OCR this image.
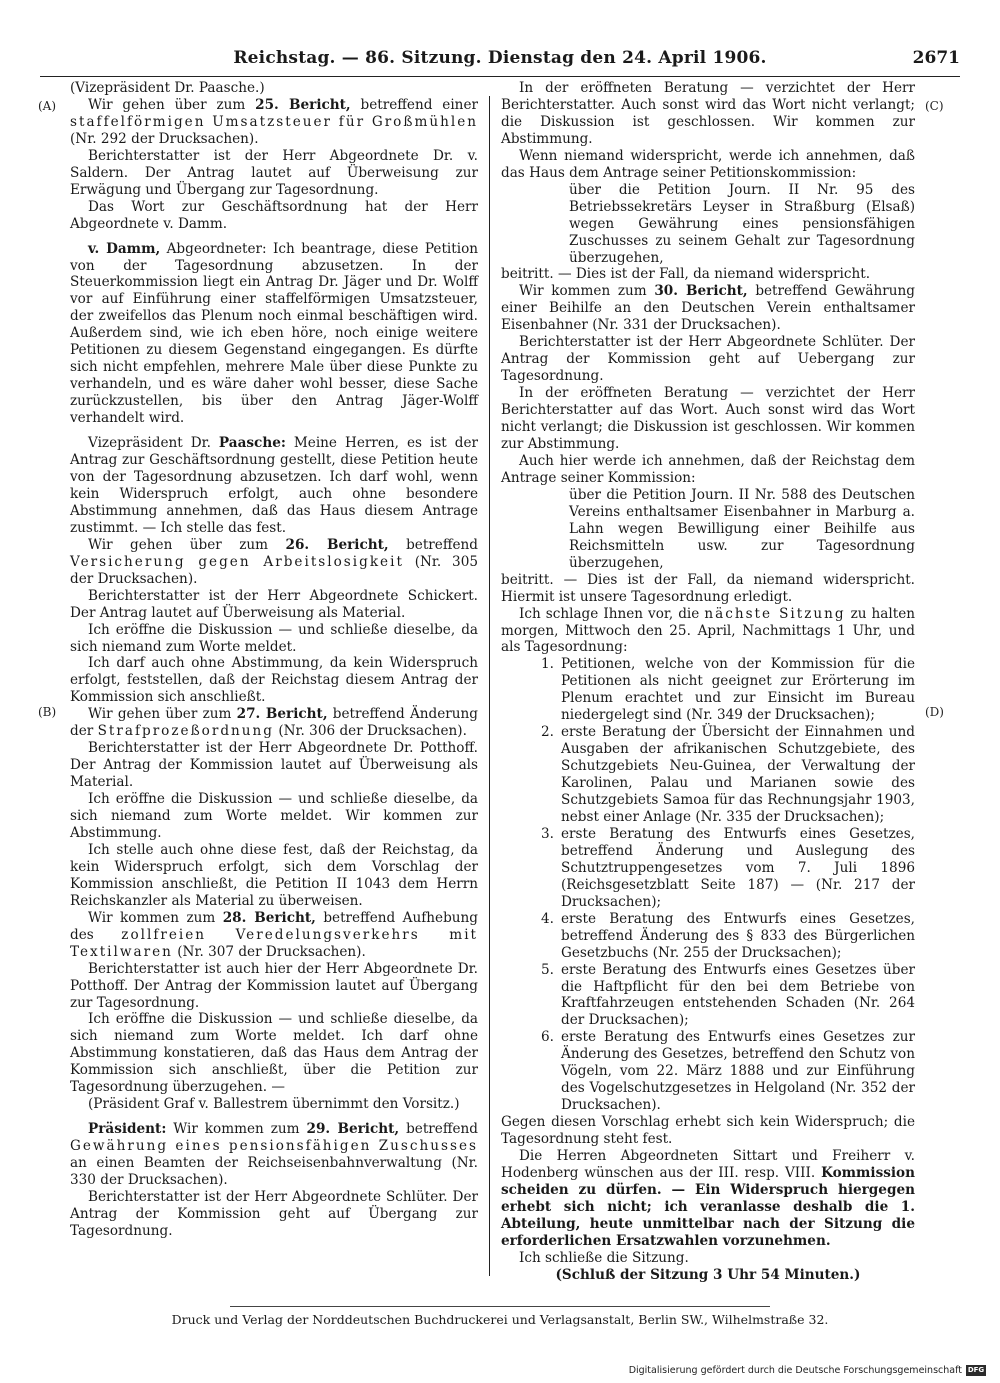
Reichstag. — 86. Sitzung. Dienstag den 24. April 1906.	2671
(A)
(B)
(C)
(D)

(Vizepräsident Dr. Paasche.)

Wir gehen über zum 25. Bericht, betreffend einer staffelförmigen Umsatzsteuer für Großmühlen (Nr. 292 der Drucksachen).

Berichterstatter ist der Herr Abgeordnete Dr. v. Saldern. Der Antrag lautet auf Überweisung zur Erwägung und Übergang zur Tagesordnung.

Das Wort zur Geschäftsordnung hat der Herr Abgeordnete v. Damm.

v. Damm, Abgeordneter: Ich beantrage, diese Petition von der Tagesordnung abzusetzen. In der Steuerkommission liegt ein Antrag Dr. Jäger und Dr. Wolff vor auf Einführung einer staffelförmigen Umsatzsteuer, der zweifellos das Plenum noch einmal beschäftigen wird. Außerdem sind, wie ich eben höre, noch einige weitere Petitionen zu diesem Gegenstand eingegangen. Es dürfte sich nicht empfehlen, mehrere Male über diese Punkte zu verhandeln, und es wäre daher wohl besser, diese Sache zurückzustellen, bis über den Antrag Jäger-Wolff verhandelt wird.

Vizepräsident Dr. Paasche: Meine Herren, es ist der Antrag zur Geschäftsordnung gestellt, diese Petition heute von der Tagesordnung abzusetzen. Ich darf wohl, wenn kein Widerspruch erfolgt, auch ohne besondere Abstimmung annehmen, daß das Haus diesem Antrage zustimmt. — Ich stelle das fest.

Wir gehen über zum 26. Bericht, betreffend Versicherung gegen Arbeitslosigkeit (Nr. 305 der Drucksachen).

Berichterstatter ist der Herr Abgeordnete Schickert. Der Antrag lautet auf Überweisung als Material.

Ich eröffne die Diskussion — und schließe dieselbe, da sich niemand zum Worte meldet.

Ich darf auch ohne Abstimmung, da kein Widerspruch erfolgt, feststellen, daß der Reichstag diesem Antrag der Kommission sich anschließt.

Wir gehen über zum 27. Bericht, betreffend Änderung der Strafprozeßordnung (Nr. 306 der Drucksachen).

Berichterstatter ist der Herr Abgeordnete Dr. Potthoff. Der Antrag der Kommission lautet auf Überweisung als Material.

Ich eröffne die Diskussion — und schließe dieselbe, da sich niemand zum Worte meldet. Wir kommen zur Abstimmung.

Ich stelle auch ohne diese fest, daß der Reichstag, da kein Widerspruch erfolgt, sich dem Vorschlag der Kommission anschließt, die Petition II 1043 dem Herrn Reichskanzler als Material zu überweisen.

Wir kommen zum 28. Bericht, betreffend Aufhebung des zollfreien Veredelungsverkehrs mit Textilwaren (Nr. 307 der Drucksachen).

Berichterstatter ist auch hier der Herr Abgeordnete Dr. Potthoff. Der Antrag der Kommission lautet auf Übergang zur Tagesordnung.

Ich eröffne die Diskussion — und schließe dieselbe, da sich niemand zum Worte meldet. Ich darf ohne Abstimmung konstatieren, daß das Haus dem Antrag der Kommission sich anschließt, über die Petition zur Tagesordnung überzugehen. —

(Präsident Graf v. Ballestrem übernimmt den Vorsitz.)

Präsident: Wir kommen zum 29. Bericht, betreffend Gewährung eines pensionsfähigen Zuschusses an einen Beamten der Reichseisenbahnverwaltung (Nr. 330 der Drucksachen).

Berichterstatter ist der Herr Abgeordnete Schlüter. Der Antrag der Kommission geht auf Übergang zur Tagesordnung.

In der eröffneten Beratung — verzichtet der Herr Berichterstatter. Auch sonst wird das Wort nicht verlangt; die Diskussion ist geschlossen. Wir kommen zur Abstimmung.

Wenn niemand widerspricht, werde ich annehmen, daß das Haus dem Antrage seiner Petitionskommission:

über die Petition Journ. II Nr. 95 des Betriebssekretärs Leyser in Straßburg (Elsaß) wegen Gewährung eines pensionsfähigen Zuschusses zu seinem Gehalt zur Tagesordnung überzugehen,

beitritt. — Dies ist der Fall, da niemand widerspricht.

Wir kommen zum 30. Bericht, betreffend Gewährung einer Beihilfe an den Deutschen Verein enthaltsamer Eisenbahner (Nr. 331 der Drucksachen).

Berichterstatter ist der Herr Abgeordnete Schlüter. Der Antrag der Kommission geht auf Uebergang zur Tagesordnung.

In der eröffneten Beratung — verzichtet der Herr Berichterstatter auf das Wort. Auch sonst wird das Wort nicht verlangt; die Diskussion ist geschlossen. Wir kommen zur Abstimmung.

Auch hier werde ich annehmen, daß der Reichstag dem Antrage seiner Kommission:

über die Petition Journ. II Nr. 588 des Deutschen Vereins enthaltsamer Eisenbahner in Marburg a. Lahn wegen Bewilligung einer Beihilfe aus Reichsmitteln usw. zur Tagesordnung überzugehen,

beitritt. — Dies ist der Fall, da niemand widerspricht. Hiermit ist unsere Tagesordnung erledigt.

Ich schlage Ihnen vor, die nächste Sitzung zu halten morgen, Mittwoch den 25. April, Nachmittags 1 Uhr, und als Tagesordnung:

1. Petitionen, welche von der Kommission für die Petitionen als nicht geeignet zur Erörterung im Plenum erachtet und zur Einsicht im Bureau niedergelegt sind (Nr. 349 der Drucksachen);
2. erste Beratung der Übersicht der Einnahmen und Ausgaben der afrikanischen Schutzgebiete, des Schutzgebiets Neu-Guinea, der Verwaltung der Karolinen, Palau und Marianen sowie des Schutzgebiets Samoa für das Rechnungsjahr 1903, nebst einer Anlage (Nr. 335 der Drucksachen);
3. erste Beratung des Entwurfs eines Gesetzes, betreffend Änderung und Auslegung des Schutztruppengesetzes vom 7. Juli 1896 (Reichsgesetzblatt Seite 187) — (Nr. 217 der Drucksachen);
4. erste Beratung des Entwurfs eines Gesetzes, betreffend Änderung des § 833 des Bürgerlichen Gesetzbuchs (Nr. 255 der Drucksachen);
5. erste Beratung des Entwurfs eines Gesetzes über die Haftpflicht für den bei dem Betriebe von Kraftfahrzeugen entstehenden Schaden (Nr. 264 der Drucksachen);
6. erste Beratung des Entwurfs eines Gesetzes zur Änderung des Gesetzes, betreffend den Schutz von Vögeln, vom 22. März 1888 und zur Einführung des Vogelschutzgesetzes in Helgoland (Nr. 352 der Drucksachen).

Gegen diesen Vorschlag erhebt sich kein Widerspruch; die Tagesordnung steht fest.

Die Herren Abgeordneten Sittart und Freiherr v. Hodenberg wünschen aus der III. resp. VIII. Kommission scheiden zu dürfen. — Ein Widerspruch hiergegen erhebt sich nicht; ich veranlasse deshalb die 1. Abteilung, heute unmittelbar nach der Sitzung die erforderlichen Ersatzwahlen vorzunehmen.

Ich schließe die Sitzung.

(Schluß der Sitzung 3 Uhr 54 Minuten.)

Druck und Verlag der Norddeutschen Buchdruckerei und Verlagsanstalt, Berlin SW., Wilhelmstraße 32.
Digitalisierung gefördert durch die Deutsche Forschungsgemeinschaft DFG
